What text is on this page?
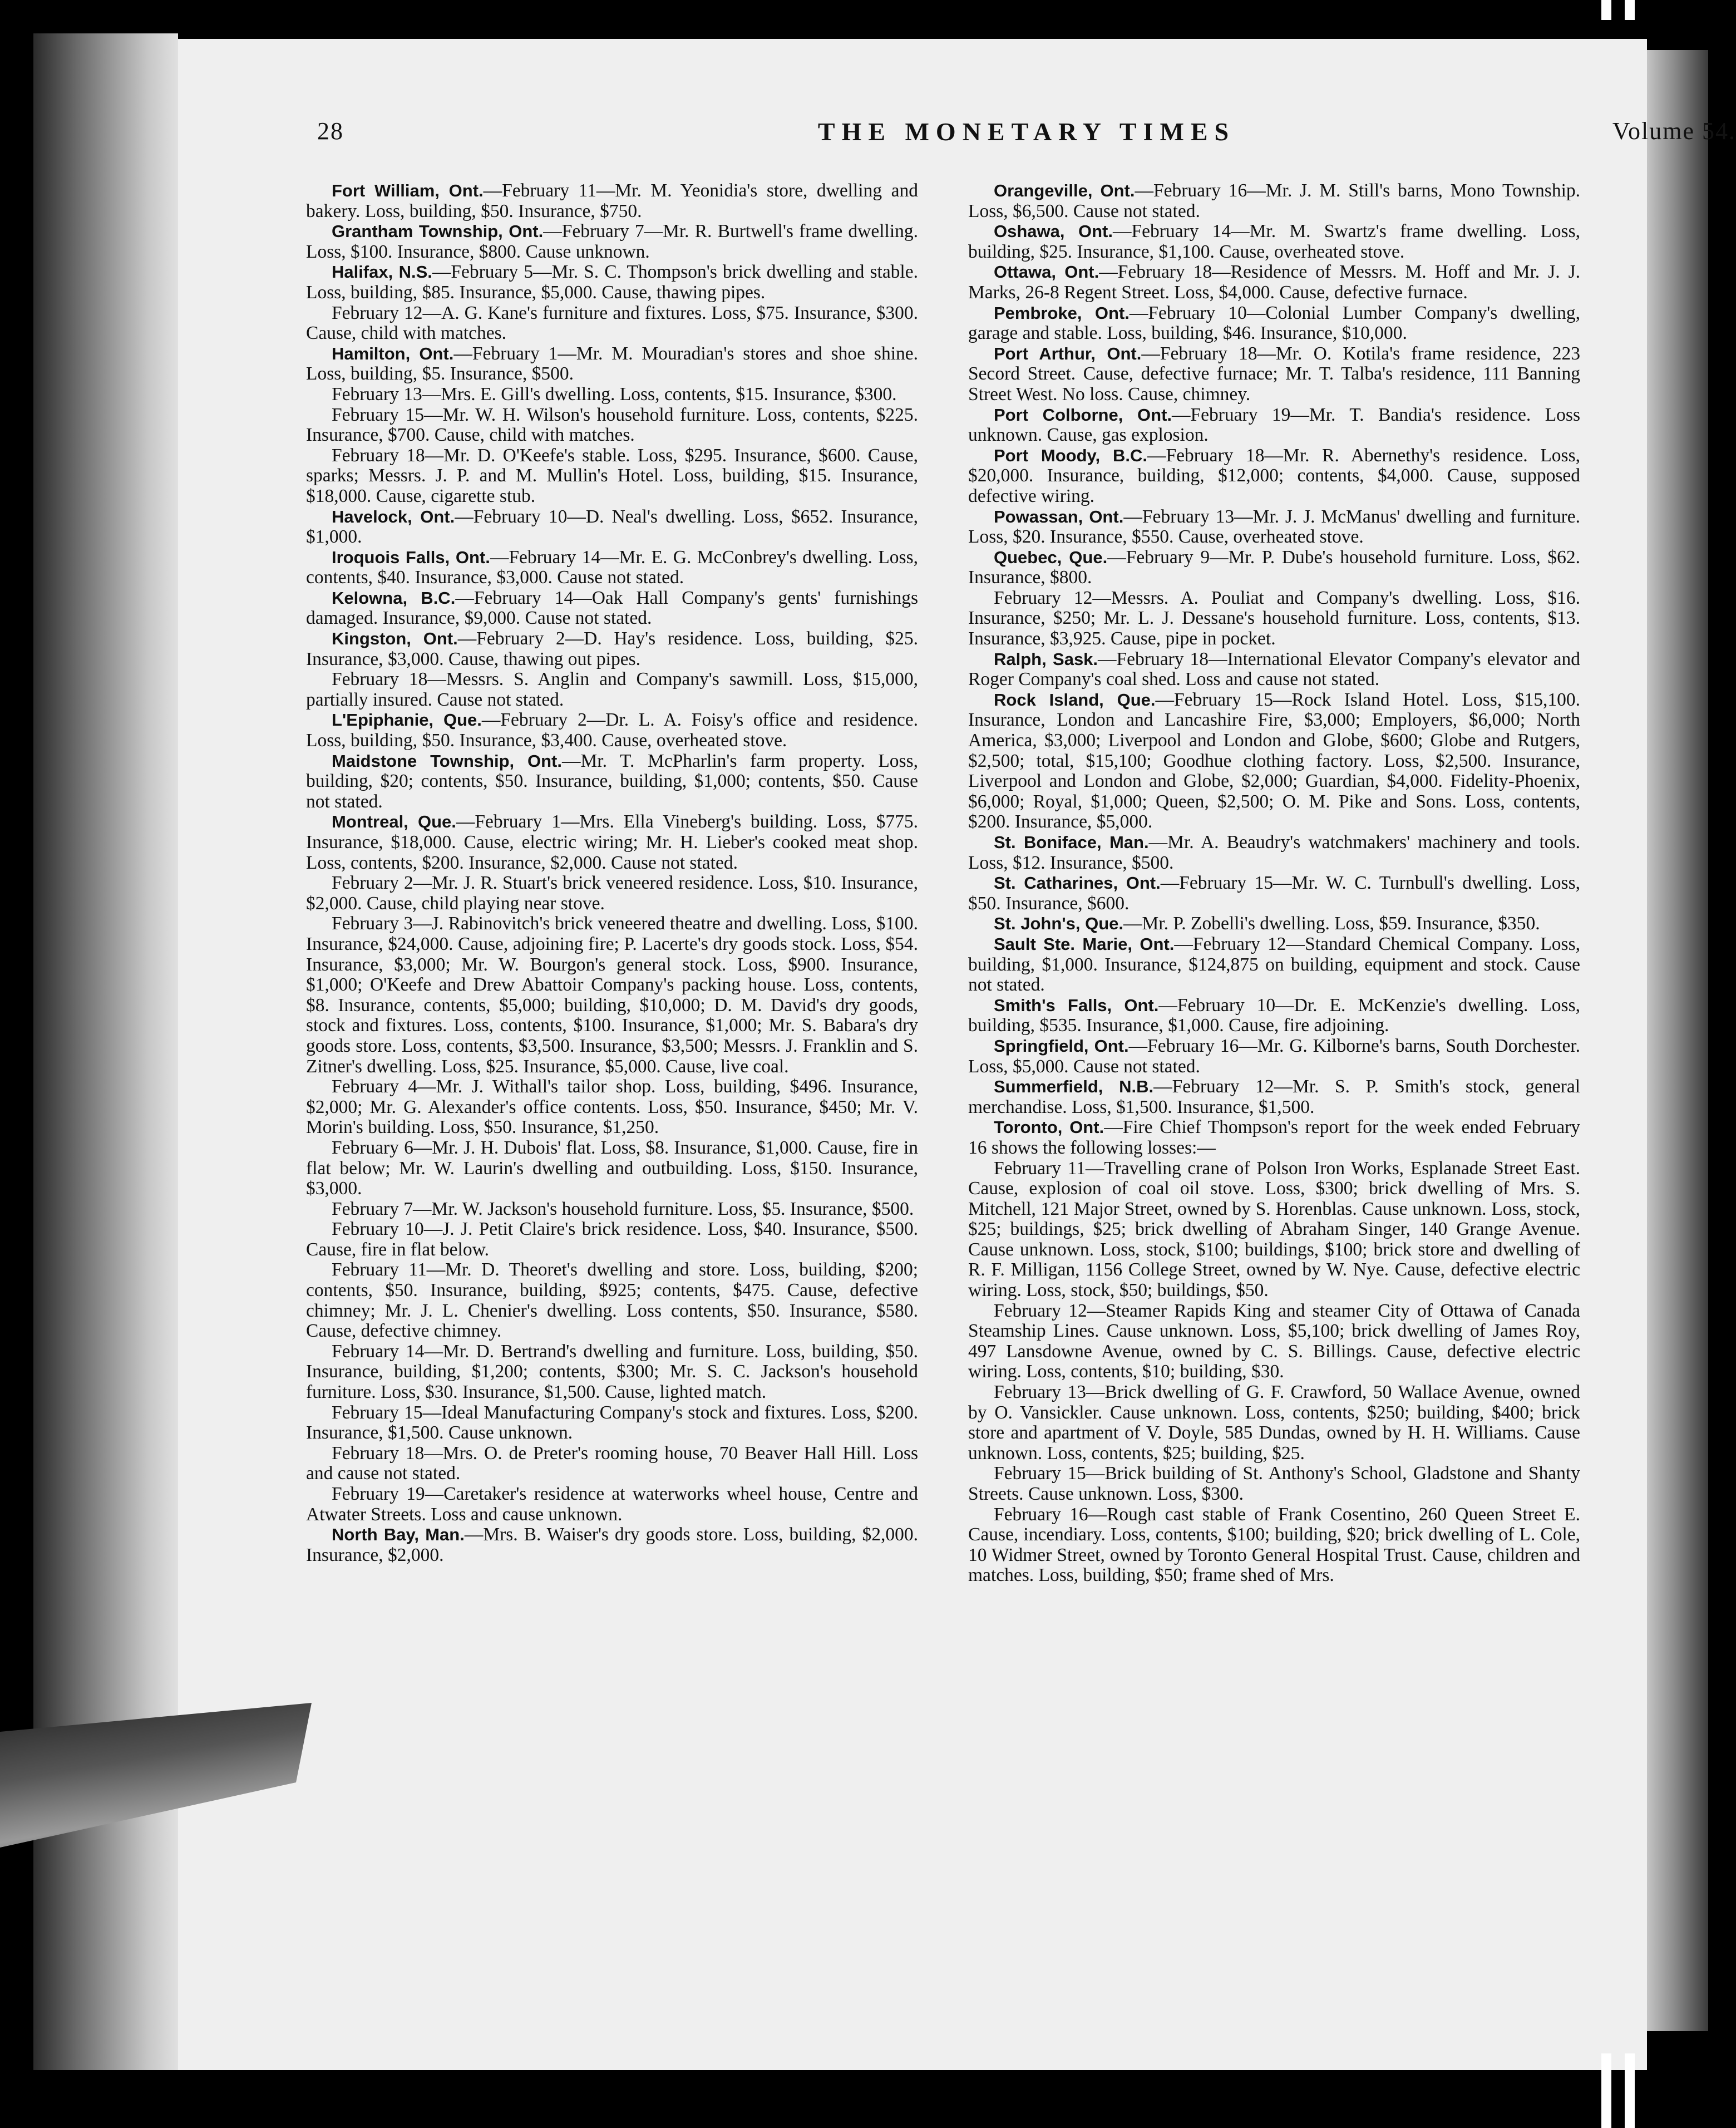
28	THE MONETARY TIMES	Volume 54.

Fort William, Ont.—February 11—Mr. M. Yeonidia's store, dwelling and bakery. Loss, building, $50. Insurance, $750.

Grantham Township, Ont.—February 7—Mr. R. Burtwell's frame dwelling. Loss, $100. Insurance, $800. Cause unknown.

Halifax, N.S.—February 5—Mr. S. C. Thompson's brick dwelling and stable. Loss, building, $85. Insurance, $5,000. Cause, thawing pipes.

February 12—A. G. Kane's furniture and fixtures. Loss, $75. Insurance, $300. Cause, child with matches.

Hamilton, Ont.—February 1—Mr. M. Mouradian's stores and shoe shine. Loss, building, $5. Insurance, $500.

February 13—Mrs. E. Gill's dwelling. Loss, contents, $15. Insurance, $300.

February 15—Mr. W. H. Wilson's household furniture. Loss, contents, $225. Insurance, $700. Cause, child with matches.

February 18—Mr. D. O'Keefe's stable. Loss, $295. Insurance, $600. Cause, sparks; Messrs. J. P. and M. Mullin's Hotel. Loss, building, $15. Insurance, $18,000. Cause, cigarette stub.

Havelock, Ont.—February 10—D. Neal's dwelling. Loss, $652. Insurance, $1,000.

Iroquois Falls, Ont.—February 14—Mr. E. G. McConbrey's dwelling. Loss, contents, $40. Insurance, $3,000. Cause not stated.

Kelowna, B.C.—February 14—Oak Hall Company's gents' furnishings damaged. Insurance, $9,000. Cause not stated.

Kingston, Ont.—February 2—D. Hay's residence. Loss, building, $25. Insurance, $3,000. Cause, thawing out pipes.

February 18—Messrs. S. Anglin and Company's sawmill. Loss, $15,000, partially insured. Cause not stated.

L'Epiphanie, Que.—February 2—Dr. L. A. Foisy's office and residence. Loss, building, $50. Insurance, $3,400. Cause, overheated stove.

Maidstone Township, Ont.—Mr. T. McPharlin's farm property. Loss, building, $20; contents, $50. Insurance, building, $1,000; contents, $50. Cause not stated.

Montreal, Que.—February 1—Mrs. Ella Vineberg's building. Loss, $775. Insurance, $18,000. Cause, electric wiring; Mr. H. Lieber's cooked meat shop. Loss, contents, $200. Insurance, $2,000. Cause not stated.

February 2—Mr. J. R. Stuart's brick veneered residence. Loss, $10. Insurance, $2,000. Cause, child playing near stove.

February 3—J. Rabinovitch's brick veneered theatre and dwelling. Loss, $100. Insurance, $24,000. Cause, adjoining fire; P. Lacerte's dry goods stock. Loss, $54. Insurance, $3,000; Mr. W. Bourgon's general stock. Loss, $900. Insurance, $1,000; O'Keefe and Drew Abattoir Company's packing house. Loss, contents, $8. Insurance, contents, $5,000; building, $10,000; D. M. David's dry goods, stock and fixtures. Loss, contents, $100. Insurance, $1,000; Mr. S. Babara's dry goods store. Loss, contents, $3,500. Insurance, $3,500; Messrs. J. Franklin and S. Zitner's dwelling. Loss, $25. Insurance, $5,000. Cause, live coal.

February 4—Mr. J. Withall's tailor shop. Loss, building, $496. Insurance, $2,000; Mr. G. Alexander's office contents. Loss, $50. Insurance, $450; Mr. V. Morin's building. Loss, $50. Insurance, $1,250.

February 6—Mr. J. H. Dubois' flat. Loss, $8. Insurance, $1,000. Cause, fire in flat below; Mr. W. Laurin's dwelling and outbuilding. Loss, $150. Insurance, $3,000.

February 7—Mr. W. Jackson's household furniture. Loss, $5. Insurance, $500.

February 10—J. J. Petit Claire's brick residence. Loss, $40. Insurance, $500. Cause, fire in flat below.

February 11—Mr. D. Theoret's dwelling and store. Loss, building, $200; contents, $50. Insurance, building, $925; contents, $475. Cause, defective chimney; Mr. J. L. Chenier's dwelling. Loss contents, $50. Insurance, $580. Cause, defective chimney.

February 14—Mr. D. Bertrand's dwelling and furniture. Loss, building, $50. Insurance, building, $1,200; contents, $300; Mr. S. C. Jackson's household furniture. Loss, $30. Insurance, $1,500. Cause, lighted match.

February 15—Ideal Manufacturing Company's stock and fixtures. Loss, $200. Insurance, $1,500. Cause unknown.

February 18—Mrs. O. de Preter's rooming house, 70 Beaver Hall Hill. Loss and cause not stated.

February 19—Caretaker's residence at waterworks wheel house, Centre and Atwater Streets. Loss and cause unknown.

North Bay, Man.—Mrs. B. Waiser's dry goods store. Loss, building, $2,000. Insurance, $2,000.

Orangeville, Ont.—February 16—Mr. J. M. Still's barns, Mono Township. Loss, $6,500. Cause not stated.

Oshawa, Ont.—February 14—Mr. M. Swartz's frame dwelling. Loss, building, $25. Insurance, $1,100. Cause, overheated stove.

Ottawa, Ont.—February 18—Residence of Messrs. M. Hoff and Mr. J. J. Marks, 26-8 Regent Street. Loss, $4,000. Cause, defective furnace.

Pembroke, Ont.—February 10—Colonial Lumber Company's dwelling, garage and stable. Loss, building, $46. Insurance, $10,000.

Port Arthur, Ont.—February 18—Mr. O. Kotila's frame residence, 223 Secord Street. Cause, defective furnace; Mr. T. Talba's residence, 111 Banning Street West. No loss. Cause, chimney.

Port Colborne, Ont.—February 19—Mr. T. Bandia's residence. Loss unknown. Cause, gas explosion.

Port Moody, B.C.—February 18—Mr. R. Abernethy's residence. Loss, $20,000. Insurance, building, $12,000; contents, $4,000. Cause, supposed defective wiring.

Powassan, Ont.—February 13—Mr. J. J. McManus' dwelling and furniture. Loss, $20. Insurance, $550. Cause, overheated stove.

Quebec, Que.—February 9—Mr. P. Dube's household furniture. Loss, $62. Insurance, $800.

February 12—Messrs. A. Pouliat and Company's dwelling. Loss, $16. Insurance, $250; Mr. L. J. Dessane's household furniture. Loss, contents, $13. Insurance, $3,925. Cause, pipe in pocket.

Ralph, Sask.—February 18—International Elevator Company's elevator and Roger Company's coal shed. Loss and cause not stated.

Rock Island, Que.—February 15—Rock Island Hotel. Loss, $15,100. Insurance, London and Lancashire Fire, $3,000; Employers, $6,000; North America, $3,000; Liverpool and London and Globe, $600; Globe and Rutgers, $2,500; total, $15,100; Goodhue clothing factory. Loss, $2,500. Insurance, Liverpool and London and Globe, $2,000; Guardian, $4,000. Fidelity-Phoenix, $6,000; Royal, $1,000; Queen, $2,500; O. M. Pike and Sons. Loss, contents, $200. Insurance, $5,000.

St. Boniface, Man.—Mr. A. Beaudry's watchmakers' machinery and tools. Loss, $12. Insurance, $500.

St. Catharines, Ont.—February 15—Mr. W. C. Turnbull's dwelling. Loss, $50. Insurance, $600.

St. John's, Que.—Mr. P. Zobelli's dwelling. Loss, $59. Insurance, $350.

Sault Ste. Marie, Ont.—February 12—Standard Chemical Company. Loss, building, $1,000. Insurance, $124,875 on building, equipment and stock. Cause not stated.

Smith's Falls, Ont.—February 10—Dr. E. McKenzie's dwelling. Loss, building, $535. Insurance, $1,000. Cause, fire adjoining.

Springfield, Ont.—February 16—Mr. G. Kilborne's barns, South Dorchester. Loss, $5,000. Cause not stated.

Summerfield, N.B.—February 12—Mr. S. P. Smith's stock, general merchandise. Loss, $1,500. Insurance, $1,500.

Toronto, Ont.—Fire Chief Thompson's report for the week ended February 16 shows the following losses:—

February 11—Travelling crane of Polson Iron Works, Esplanade Street East. Cause, explosion of coal oil stove. Loss, $300; brick dwelling of Mrs. S. Mitchell, 121 Major Street, owned by S. Horenblas. Cause unknown. Loss, stock, $25; buildings, $25; brick dwelling of Abraham Singer, 140 Grange Avenue. Cause unknown. Loss, stock, $100; buildings, $100; brick store and dwelling of R. F. Milligan, 1156 College Street, owned by W. Nye. Cause, defective electric wiring. Loss, stock, $50; buildings, $50.

February 12—Steamer Rapids King and steamer City of Ottawa of Canada Steamship Lines. Cause unknown. Loss, $5,100; brick dwelling of James Roy, 497 Lansdowne Avenue, owned by C. S. Billings. Cause, defective electric wiring. Loss, contents, $10; building, $30.

February 13—Brick dwelling of G. F. Crawford, 50 Wallace Avenue, owned by O. Vansickler. Cause unknown. Loss, contents, $250; building, $400; brick store and apartment of V. Doyle, 585 Dundas, owned by H. H. Williams. Cause unknown. Loss, contents, $25; building, $25.

February 15—Brick building of St. Anthony's School, Gladstone and Shanty Streets. Cause unknown. Loss, $300.

February 16—Rough cast stable of Frank Cosentino, 260 Queen Street E. Cause, incendiary. Loss, contents, $100; building, $20; brick dwelling of L. Cole, 10 Widmer Street, owned by Toronto General Hospital Trust. Cause, children and matches. Loss, building, $50; frame shed of Mrs.
